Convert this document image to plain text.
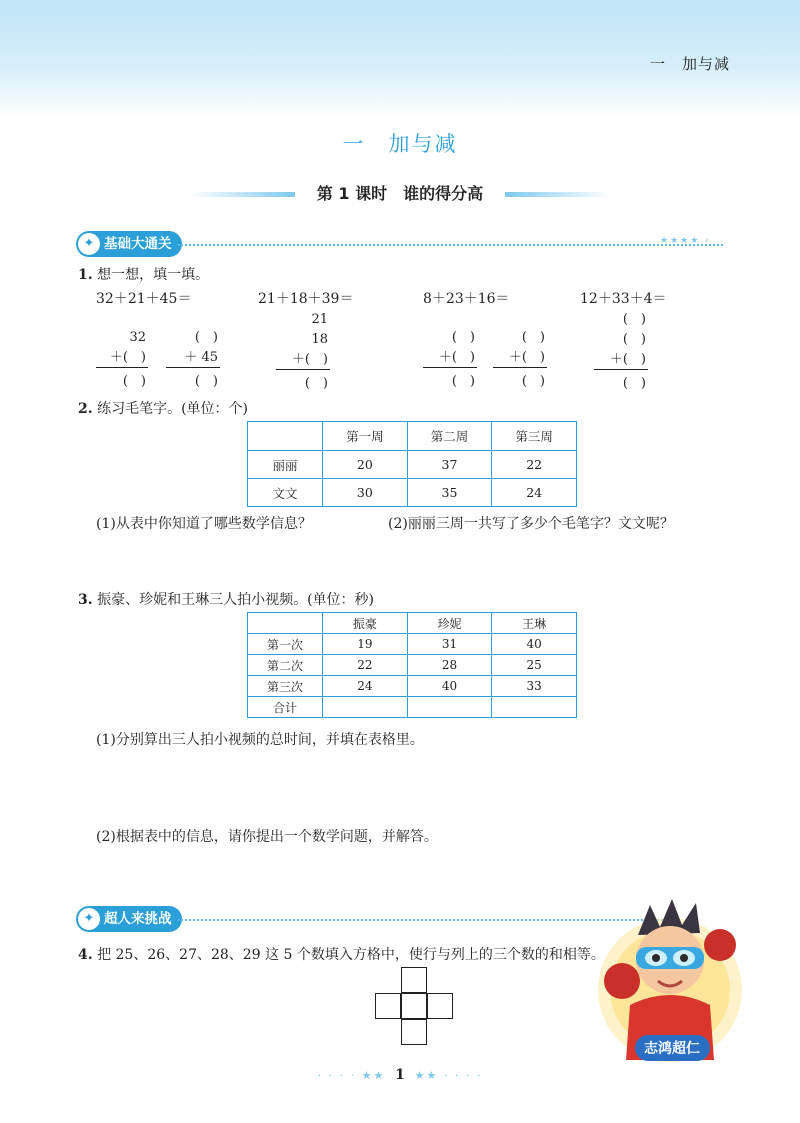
一　加与减
一　加与减
第 1 课时　谁的得分高
✦ 基础大通关	★★★★ ‹
1. 想一想，填一填。
32＋21＋45＝	21＋18＋39＝	8＋23＋16＝	12＋33＋4＝
32
＋(　)
(　)
(　)
＋ 45
(　)
21
18
＋(　)
(　)
(　)
＋(　)
(　)
(　)
＋(　)
(　)
(　)
(　)
＋(　)
(　)
2. 练习毛笔字。(单位：个)
	第一周	第二周	第三周
丽丽	20	37	22
文文	30	35	24
(1)从表中你知道了哪些数学信息？	(2)丽丽三周一共写了多少个毛笔字？文文呢？
3. 振豪、珍妮和王琳三人拍小视频。(单位：秒)
	振豪	珍妮	王琳
第一次	19	31	40
第二次	22	28	25
第三次	24	40	33
合计			
(1)分别算出三人拍小视频的总时间，并填在表格里。
(2)根据表中的信息，请你提出一个数学问题，并解答。
✦ 超人来挑战
4. 把 25、26、27、28、29 这 5 个数填入方格中，使行与列上的三个数的和相等。
志鸿超仁
· · · · ★★ 1 ★★ · · · ·
